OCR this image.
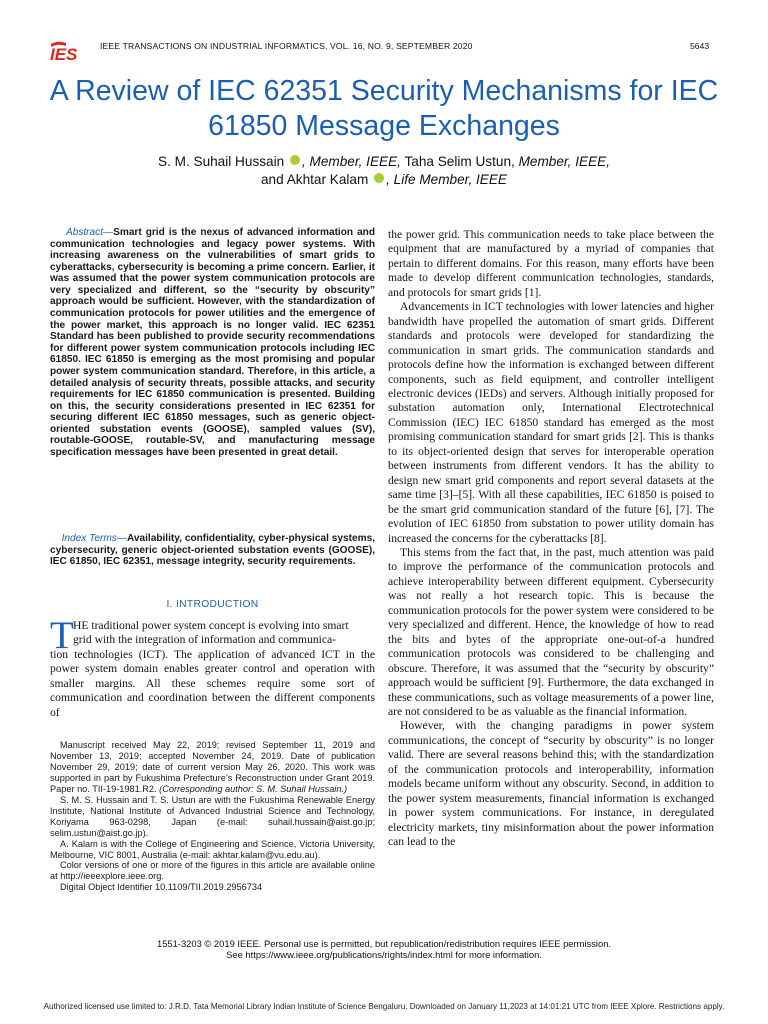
IES	IEEE TRANSACTIONS ON INDUSTRIAL INFORMATICS, VOL. 16, NO. 9, SEPTEMBER 2020	5643
A Review of IEC 62351 Security Mechanisms for IEC 61850 Message Exchanges
S. M. Suhail Hussain , Member, IEEE, Taha Selim Ustun, Member, IEEE,
and Akhtar Kalam , Life Member, IEEE
Abstract—Smart grid is the nexus of advanced information and communication technologies and legacy power systems. With increasing awareness on the vulnerabilities of smart grids to cyberattacks, cybersecurity is becoming a prime concern. Earlier, it was assumed that the power system communication protocols are very specialized and different, so the “security by obscurity” approach would be sufficient. However, with the standardization of communication protocols for power utilities and the emergence of the power market, this approach is no longer valid. IEC 62351 Standard has been published to provide security recommendations for different power system communication protocols including IEC 61850. IEC 61850 is emerging as the most promising and popular power system communication standard. Therefore, in this article, a detailed analysis of security threats, possible attacks, and security requirements for IEC 61850 communication is presented. Building on this, the security considerations presented in IEC 62351 for securing different IEC 61850 messages, such as generic object-oriented substation events (GOOSE), sampled values (SV), routable-GOOSE, routable-SV, and manufacturing message specification messages have been presented in great detail.
Index Terms—Availability, confidentiality, cyber-physical systems, cybersecurity, generic object-oriented substation events (GOOSE), IEC 61850, IEC 62351, message integrity, security requirements.
I. INTRODUCTION
T HE traditional power system concept is evolving into smart
grid with the integration of information and communica-
tion technologies (ICT). The application of advanced ICT in the power system domain enables greater control and operation with smaller margins. All these schemes require some sort of communication and coordination between the different components of

Manuscript received May 22, 2019; revised September 11, 2019 and November 13, 2019; accepted November 24, 2019. Date of publication November 29, 2019; date of current version May 26, 2020. This work was supported in part by Fukushima Prefecture’s Reconstruction under Grant 2019. Paper no. TII-19-1981.R2. (Corresponding author: S. M. Suhail Hussain.)

S. M. S. Hussain and T. S. Ustun are with the Fukushima Renewable Energy Institute, National Institute of Advanced Industrial Science and Technology, Koriyama 963-0298, Japan (e-mail: suhail.hussain@aist.go.jp; selim.ustun@aist.go.jp).

A. Kalam is with the College of Engineering and Science, Victoria University, Melbourne, VIC 8001, Australia (e-mail: akhtar.kalam@vu.edu.au).

Color versions of one or more of the figures in this article are available online at http://ieeexplore.ieee.org.

Digital Object Identifier 10.1109/TII.2019.2956734

the power grid. This communication needs to take place between the equipment that are manufactured by a myriad of companies that pertain to different domains. For this reason, many efforts have been made to develop different communication technologies, standards, and protocols for smart grids [1].

Advancements in ICT technologies with lower latencies and higher bandwidth have propelled the automation of smart grids. Different standards and protocols were developed for standardizing the communication in smart grids. The communication standards and protocols define how the information is exchanged between different components, such as field equipment, and controller intelligent electronic devices (IEDs) and servers. Although initially proposed for substation automation only, International Electrotechnical Commission (IEC) IEC 61850 standard has emerged as the most promising communication standard for smart grids [2]. This is thanks to its object-oriented design that serves for interoperable operation between instruments from different vendors. It has the ability to design new smart grid components and report several datasets at the same time [3]–[5]. With all these capabilities, IEC 61850 is poised to be the smart grid communication standard of the future [6], [7]. The evolution of IEC 61850 from substation to power utility domain has increased the concerns for the cyberattacks [8].

This stems from the fact that, in the past, much attention was paid to improve the performance of the communication protocols and achieve interoperability between different equipment. Cybersecurity was not really a hot research topic. This is because the communication protocols for the power system were considered to be very specialized and different. Hence, the knowledge of how to read the bits and bytes of the appropriate one-out-of-a hundred communication protocols was considered to be challenging and obscure. Therefore, it was assumed that the “security by obscurity” approach would be sufficient [9]. Furthermore, the data exchanged in these communications, such as voltage measurements of a power line, are not considered to be as valuable as the financial information.

However, with the changing paradigms in power system communications, the concept of “security by obscurity” is no longer valid. There are several reasons behind this; with the standardization of the communication protocols and interoperability, information models became uniform without any obscurity. Second, in addition to the power system measurements, financial information is exchanged in power system communications. For instance, in deregulated electricity markets, tiny misinformation about the power information can lead to the

1551-3203 © 2019 IEEE. Personal use is permitted, but republication/redistribution requires IEEE permission.
See https://www.ieee.org/publications/rights/index.html for more information.
Authorized licensed use limited to: J.R.D. Tata Memorial Library Indian Institute of Science Bengaluru. Downloaded on January 11,2023 at 14:01:21 UTC from IEEE Xplore. Restrictions apply.
